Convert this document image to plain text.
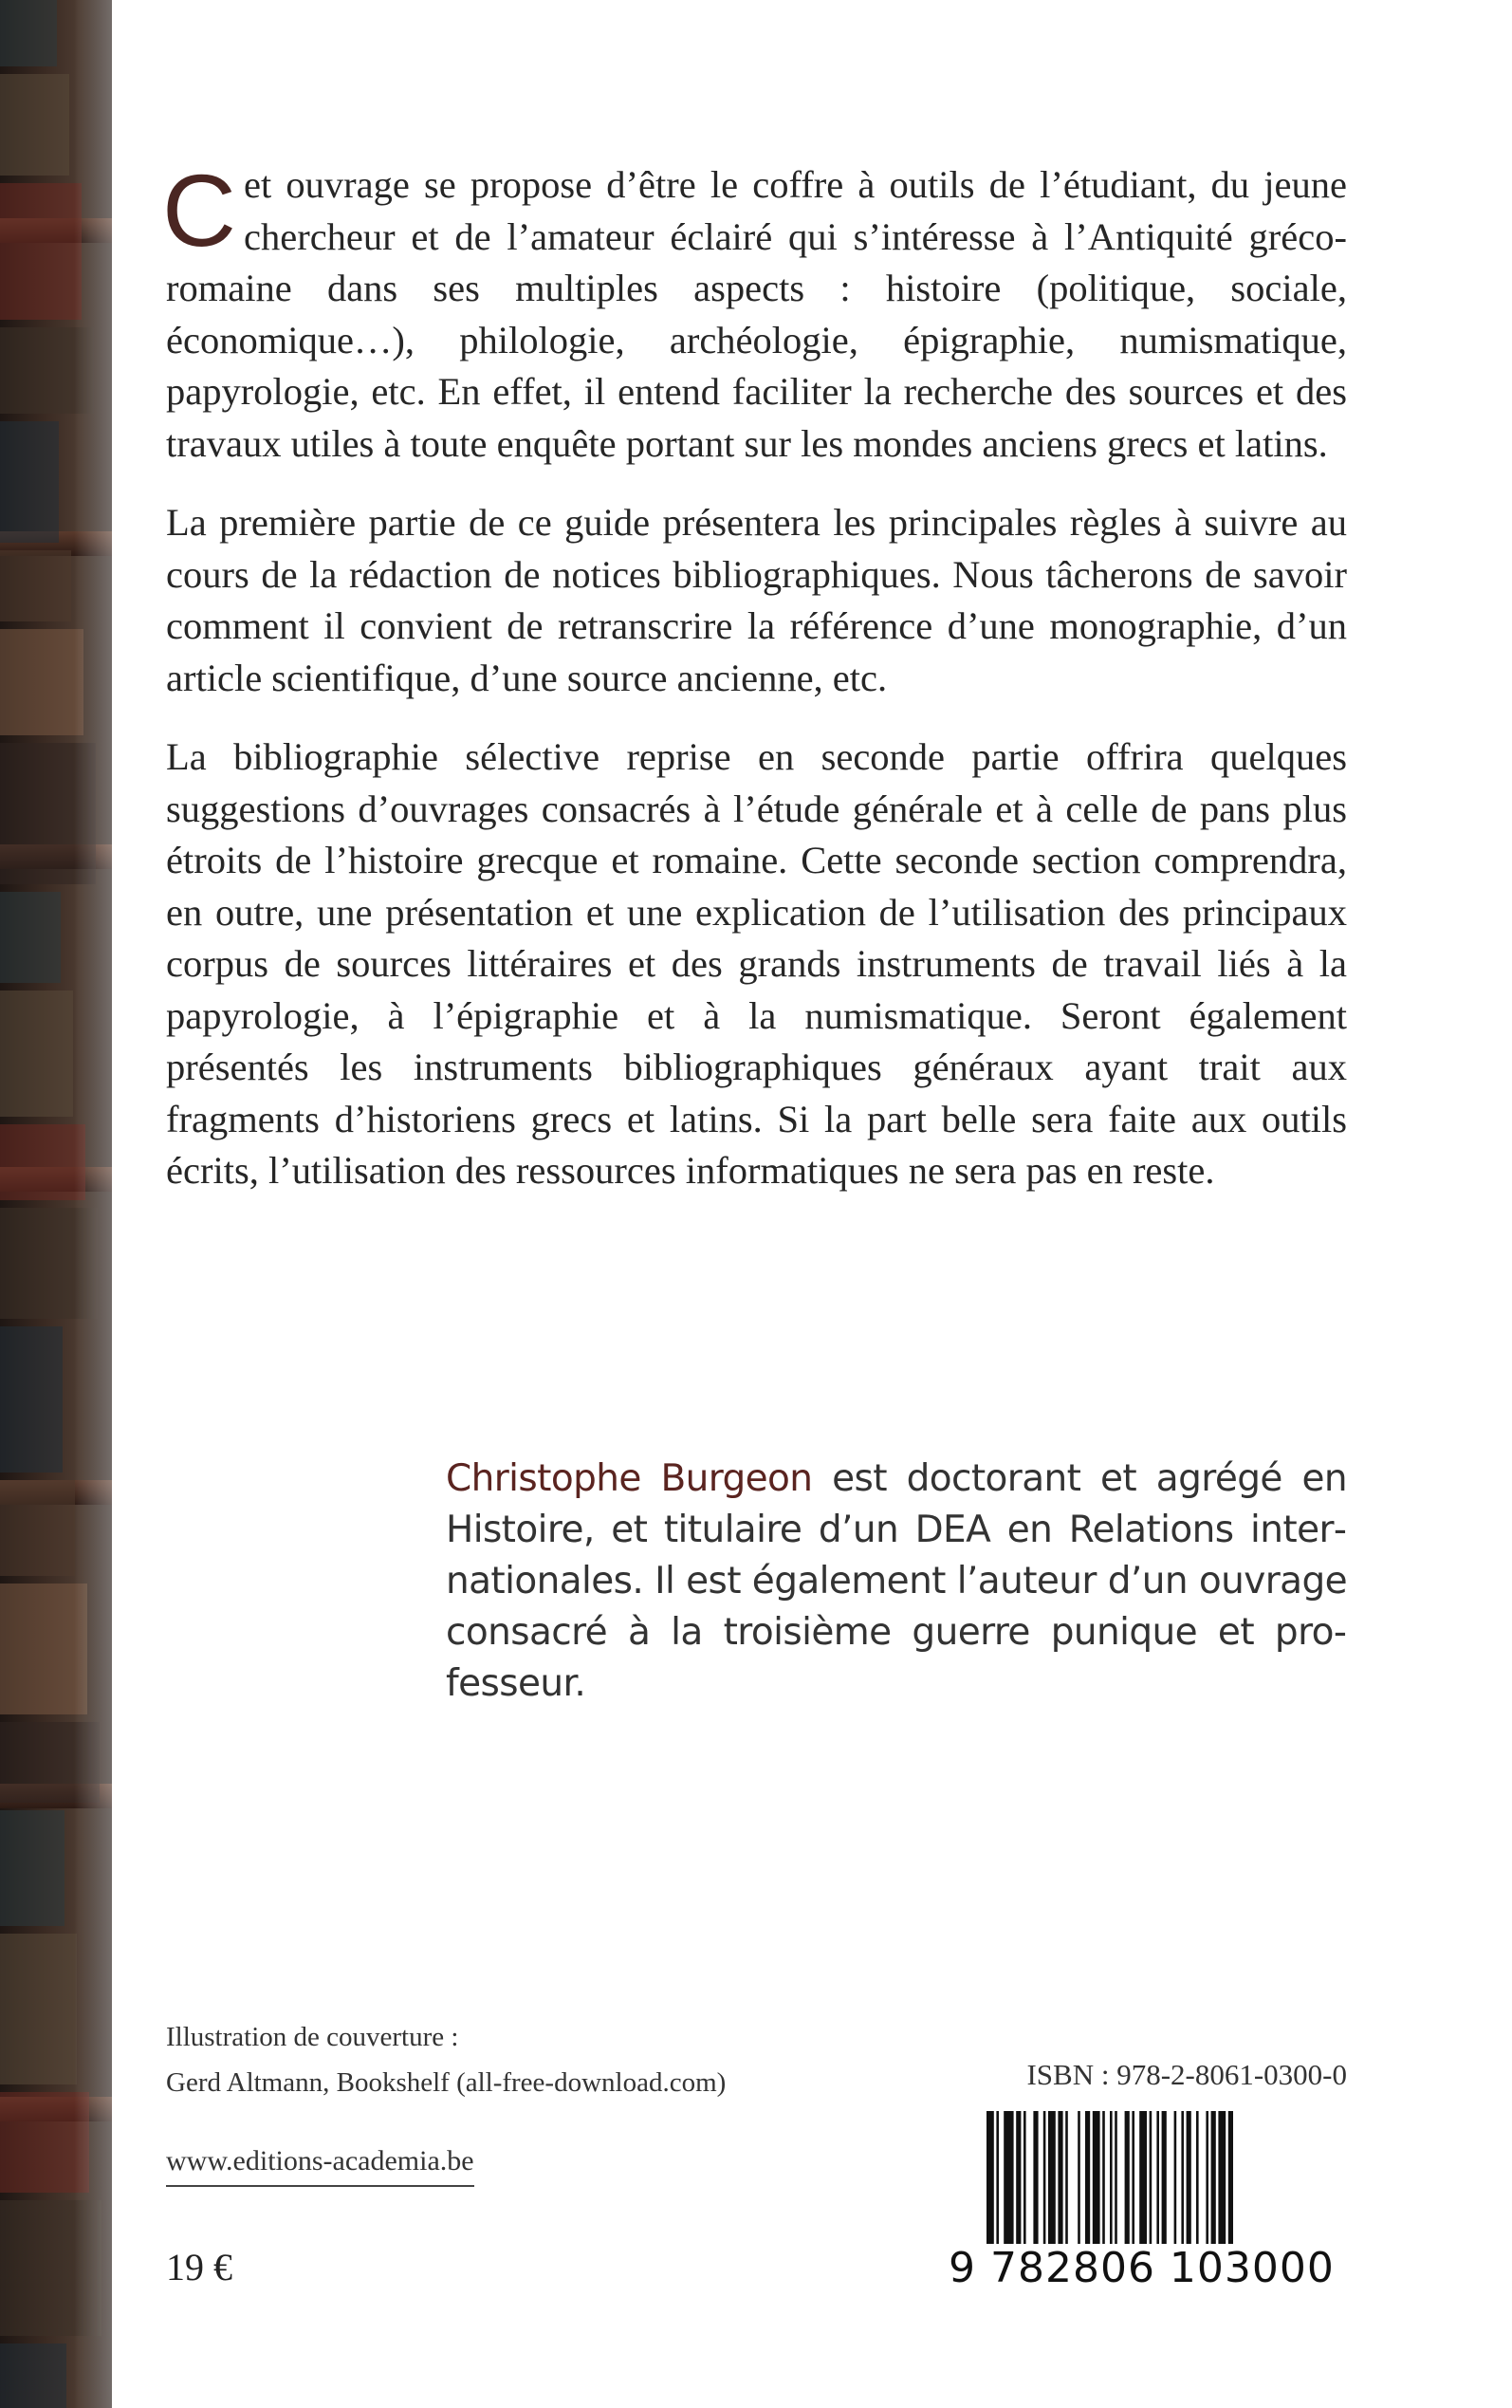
Cet ouvrage se propose d’être le coffre à outils de l’étudiant, du jeune chercheur et de l’amateur éclairé qui s’intéresse à l’Antiquité grécoromaine dans ses multiples aspects : histoire (politique, sociale, économique…), philologie, archéologie, épigraphie, numismatique, papyrologie, etc. En effet, il entend faciliter la recherche des sources et des travaux utiles à toute enquête portant sur les mondes anciens grecs et latins.

La première partie de ce guide présentera les principales règles à suivre au cours de la rédaction de notices bibliographiques. Nous tâcherons de savoir comment il convient de retranscrire la référence d’une monographie, d’un article scientifique, d’une source ancienne, etc.

La bibliographie sélective reprise en seconde partie offrira quelques suggestions d’ouvrages consacrés à l’étude générale et à celle de pans plus étroits de l’histoire grecque et romaine. Cette seconde section comprendra, en outre, une présentation et une explication de l’utilisation des principaux corpus de sources littéraires et des grands instruments de travail liés à la papyrologie, à l’épigraphie et à la numismatique. Seront également présentés les instruments bibliographiques généraux ayant trait aux fragments d’historiens grecs et latins. Si la part belle sera faite aux outils écrits, l’utilisation des ressources informatiques ne sera pas en reste.

Christophe Burgeon est doctorant et agrégé en Histoire, et titulaire d’un DEA en Relations internationales. Il est également l’auteur d’un ouvrage consacré à la troisième guerre punique et professeur.
Illustration de couverture :
Gerd Altmann, Bookshelf (all-free-download.com)
www.editions-academia.be
19 €
ISBN : 978-2-8061-0300-0
9 782806 103000
